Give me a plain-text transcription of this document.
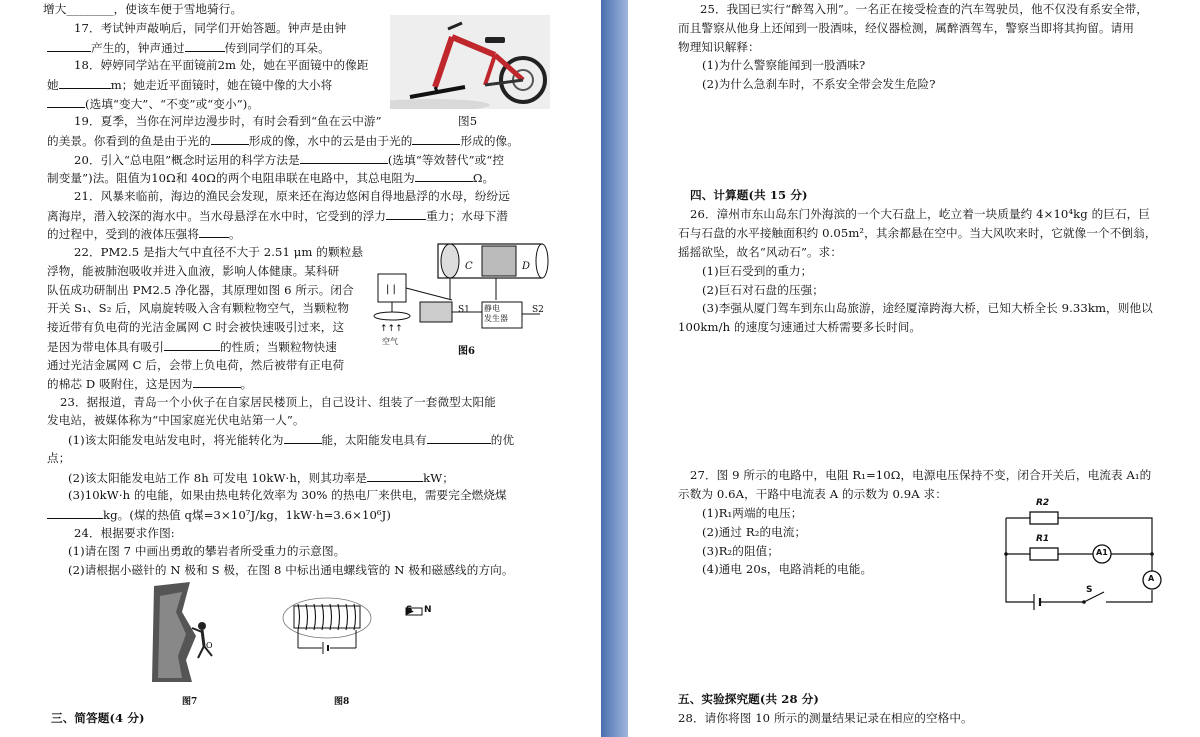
增大________，使该车便于雪地骑行。
17．考试钟声敲响后，同学们开始答题。钟声是由钟
产生的，钟声通过	传到同学们的耳朵。
18．婷婷同学站在平面镜前2m 处，她在平面镜中的像距
她	m；她走近平面镜时，她在镜中像的大小将
(选填“变大”、“不变”或“变小”)。
19．夏季，当你在河岸边漫步时，有时会看到“鱼在云中游”	图5
的美景。你看到的鱼是由于光的	形成的像，水中的云是由于光的	形成的像。
20．引入“总电阻”概念时运用的科学方法是	(选填“等效替代”或“控
制变量”)法。阻值为10Ω和 40Ω的两个电阻串联在电路中，其总电阻为	Ω。
21．风暴来临前，海边的渔民会发现，原来还在海边悠闲自得地悬浮的水母，纷纷远
离海岸，潜入较深的海水中。当水母悬浮在水中时，它受到的浮力	重力；水母下潜
的过程中，受到的液体压强将	。
22．PM2.5 是指大气中直径不大于 2.51 μm 的颗粒悬
浮物，能被肺泡吸收并进入血液，影响人体健康。某科研
队伍成功研制出 PM2.5 净化器，其原理如图 6 所示。闭合
开关 S₁、S₂ 后，风扇旋转吸入含有颗粒物空气，当颗粒物
接近带有负电荷的光洁金属网 C 时会被快速吸引过来，这
是因为带电体具有吸引	的性质；当颗粒物快速
通过光洁金属网 C 后，会带上负电荷，然后被带有正电荷
的棉芯 D 吸附住，这是因为	。
| |
↑↑↑
C	D
S1	S2
静电
发生器
空气
图6
23．据报道，青岛一个小伙子在自家居民楼顶上，自己设计、组装了一套微型太阳能
发电站，被媒体称为“中国家庭光伏电站第一人”。
(1)该太阳能发电站发电时，将光能转化为	能，太阳能发电具有	的优
点；
(2)该太阳能发电站工作 8h 可发电 10kW·h，则其功率是	kW；
(3)10kW·h 的电能，如果由热电转化效率为 30% 的热电厂来供电，需要完全燃烧煤
kg。(煤的热值 q煤=3×10⁷J/kg，1kW·h=3.6×10⁶J)
24．根据要求作图:
(1)请在图 7 中画出勇敢的攀岩者所受重力的示意图。
(2)请根据小磁针的 N 极和 S 极，在图 8 中标出通电螺线管的 N 极和磁感线的方向。
O
图7
S N
图8
三、简答题(4 分)
25．我国已实行“醉驾入刑”。一名正在接受检查的汽车驾驶员，他不仅没有系安全带，
而且警察从他身上还闻到一股酒味，经仪器检测，属醉酒驾车，警察当即将其拘留。请用
物理知识解释：
(1)为什么警察能闻到一股酒味?
(2)为什么急刹车时，不系安全带会发生危险?
四、计算题(共 15 分)
26．漳州市东山岛东门外海滨的一个大石盘上，屹立着一块质量约 4×10⁴kg 的巨石，巨
石与石盘的水平接触面积约 0.05m²，其余都悬在空中。当大风吹来时，它就像一个不倒翁，
摇摇欲坠，故名“风动石”。求：
(1)巨石受到的重力；
(2)巨石对石盘的压强；
(3)李强从厦门驾车到东山岛旅游，途经厦漳跨海大桥，已知大桥全长 9.33km，则他以
100km/h 的速度匀速通过大桥需要多长时间。
27．图 9 所示的电路中，电阻 R₁=10Ω，电源电压保持不变，闭合开关后，电流表 A₁的
示数为 0.6A，干路中电流表 A 的示数为 0.9A 求：
(1)R₁两端的电压；
(2)通过 R₂的电流；
(3)R₂的阻值；
(4)通电 20s，电路消耗的电能。
R2
R1
A1
A
S
五、实验探究题(共 28 分)
28．请你将图 10 所示的测量结果记录在相应的空格中。
